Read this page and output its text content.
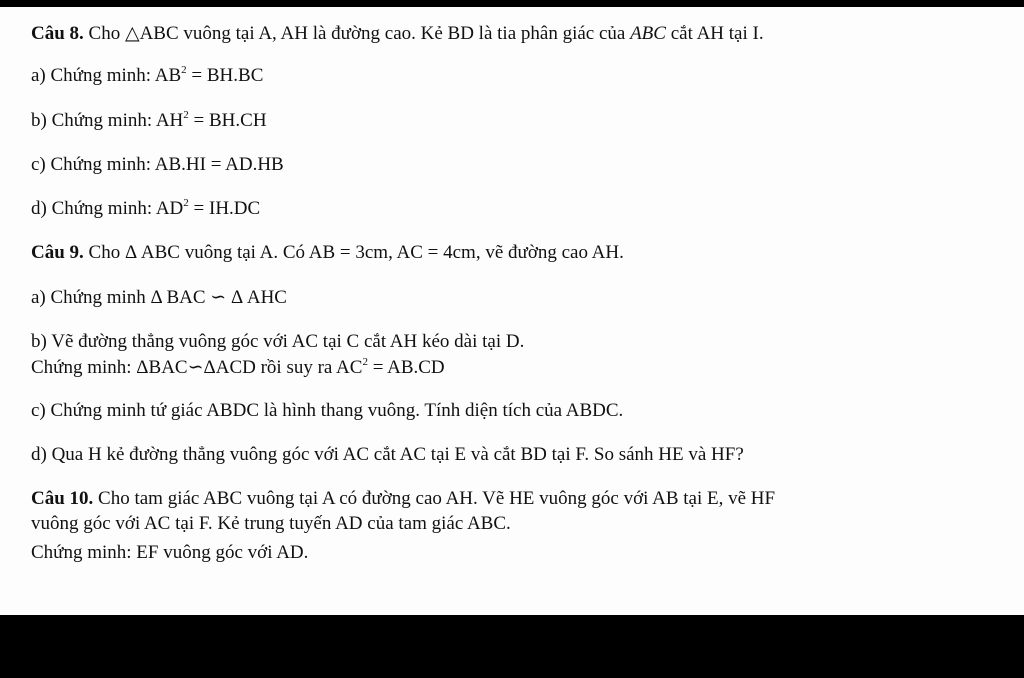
Câu 8. Cho △ABC vuông tại A, AH là đường cao. Kẻ BD là tia phân giác của ABC cắt AH tại I.
a) Chứng minh: $AB^2 = BH.BC$
b) Chứng minh: $AH^2 = BH.CH$
c) Chứng minh: AB.HI = AD.HB
d) Chứng minh: $AD^2 = IH.DC$
Câu 9. Cho Δ ABC vuông tại A. Có AB = 3cm, AC = 4cm, vẽ đường cao AH.
a) Chứng minh Δ BAC ∽ Δ AHC
b) Vẽ đường thẳng vuông góc với AC tại C cắt AH kéo dài tại D.
Chứng minh: ΔBAC∽ΔACD rồi suy ra $AC^2 = AB.CD$
c) Chứng minh tứ giác ABDC là hình thang vuông. Tính diện tích của ABDC.
d) Qua H kẻ đường thẳng vuông góc với AC cắt AC tại E và cắt BD tại F. So sánh HE và HF?
Câu 10. Cho tam giác ABC vuông tại A có đường cao AH. Vẽ HE vuông góc với AB tại E, vẽ HF
vuông góc với AC tại F. Kẻ trung tuyến AD của tam giác ABC.
Chứng minh: EF vuông góc với AD.
